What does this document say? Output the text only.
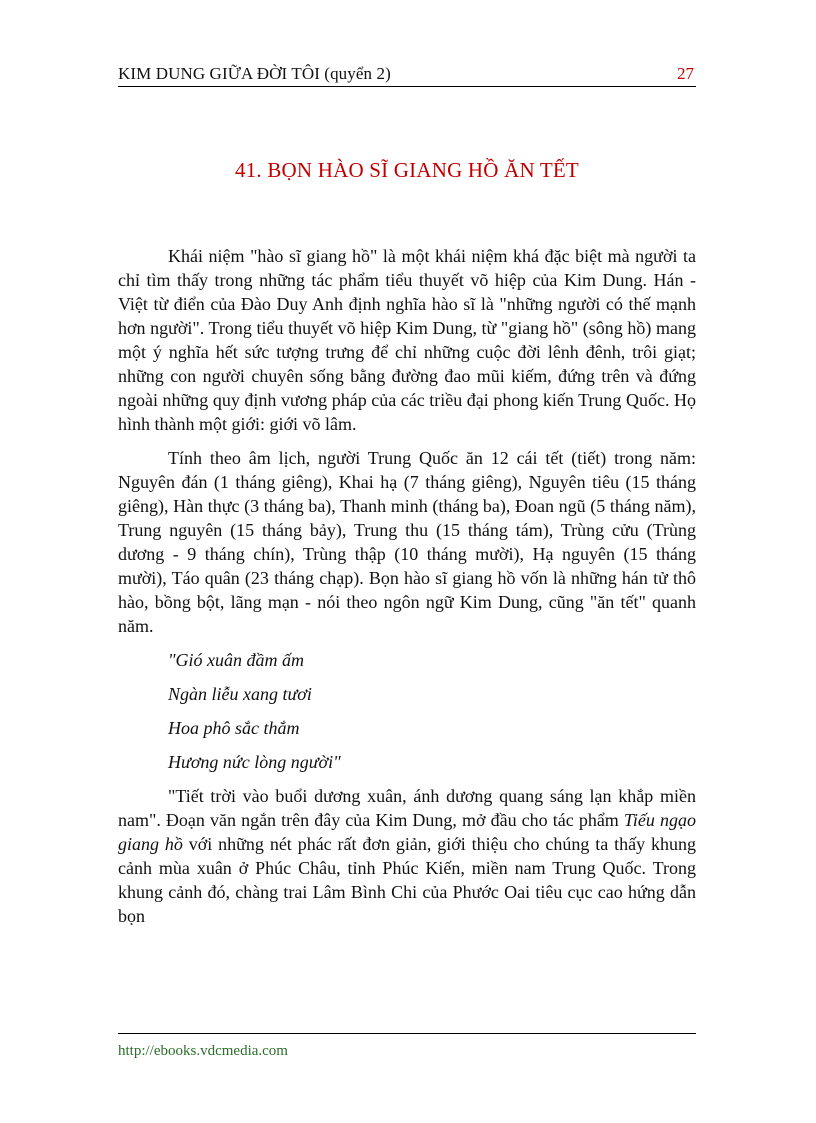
KIM DUNG GIỮA ĐỜI TÔI (quyển 2)	27
41. BỌN HÀO SĨ GIANG HỒ ĂN TẾT

Khái niệm "hào sĩ giang hồ" là một khái niệm khá đặc biệt mà người ta chỉ tìm thấy trong những tác phẩm tiểu thuyết võ hiệp của Kim Dung. Hán - Việt từ điển của Đào Duy Anh định nghĩa hào sĩ là "những người có thế mạnh hơn người". Trong tiểu thuyết võ hiệp Kim Dung, từ "giang hồ" (sông hồ) mang một ý nghĩa hết sức tượng trưng để chỉ những cuộc đời lênh đênh, trôi giạt; những con người chuyên sống bằng đường đao mũi kiếm, đứng trên và đứng ngoài những quy định vương pháp của các triều đại phong kiến Trung Quốc. Họ hình thành một giới: giới võ lâm.

Tính theo âm lịch, người Trung Quốc ăn 12 cái tết (tiết) trong năm: Nguyên đán (1 tháng giêng), Khai hạ (7 tháng giêng), Nguyên tiêu (15 tháng giêng), Hàn thực (3 tháng ba), Thanh minh (tháng ba), Đoan ngũ (5 tháng năm), Trung nguyên (15 tháng bảy), Trung thu (15 tháng tám), Trùng cửu (Trùng dương - 9 tháng chín), Trùng thập (10 tháng mười), Hạ nguyên (15 tháng mười), Táo quân (23 tháng chạp). Bọn hào sĩ giang hồ vốn là những hán tử thô hào, bồng bột, lãng mạn - nói theo ngôn ngữ Kim Dung, cũng "ăn tết" quanh năm.

"Gió xuân đầm ấm
Ngàn liễu xang tươi
Hoa phô sắc thắm
Hương nức lòng người"

"Tiết trời vào buổi dương xuân, ánh dương quang sáng lạn khắp miền nam". Đoạn văn ngắn trên đây của Kim Dung, mở đầu cho tác phẩm Tiếu ngạo giang hồ với những nét phác rất đơn giản, giới thiệu cho chúng ta thấy khung cảnh mùa xuân ở Phúc Châu, tỉnh Phúc Kiến, miền nam Trung Quốc. Trong khung cảnh đó, chàng trai Lâm Bình Chi của Phước Oai tiêu cục cao hứng dẫn bọn

http://ebooks.vdcmedia.com
